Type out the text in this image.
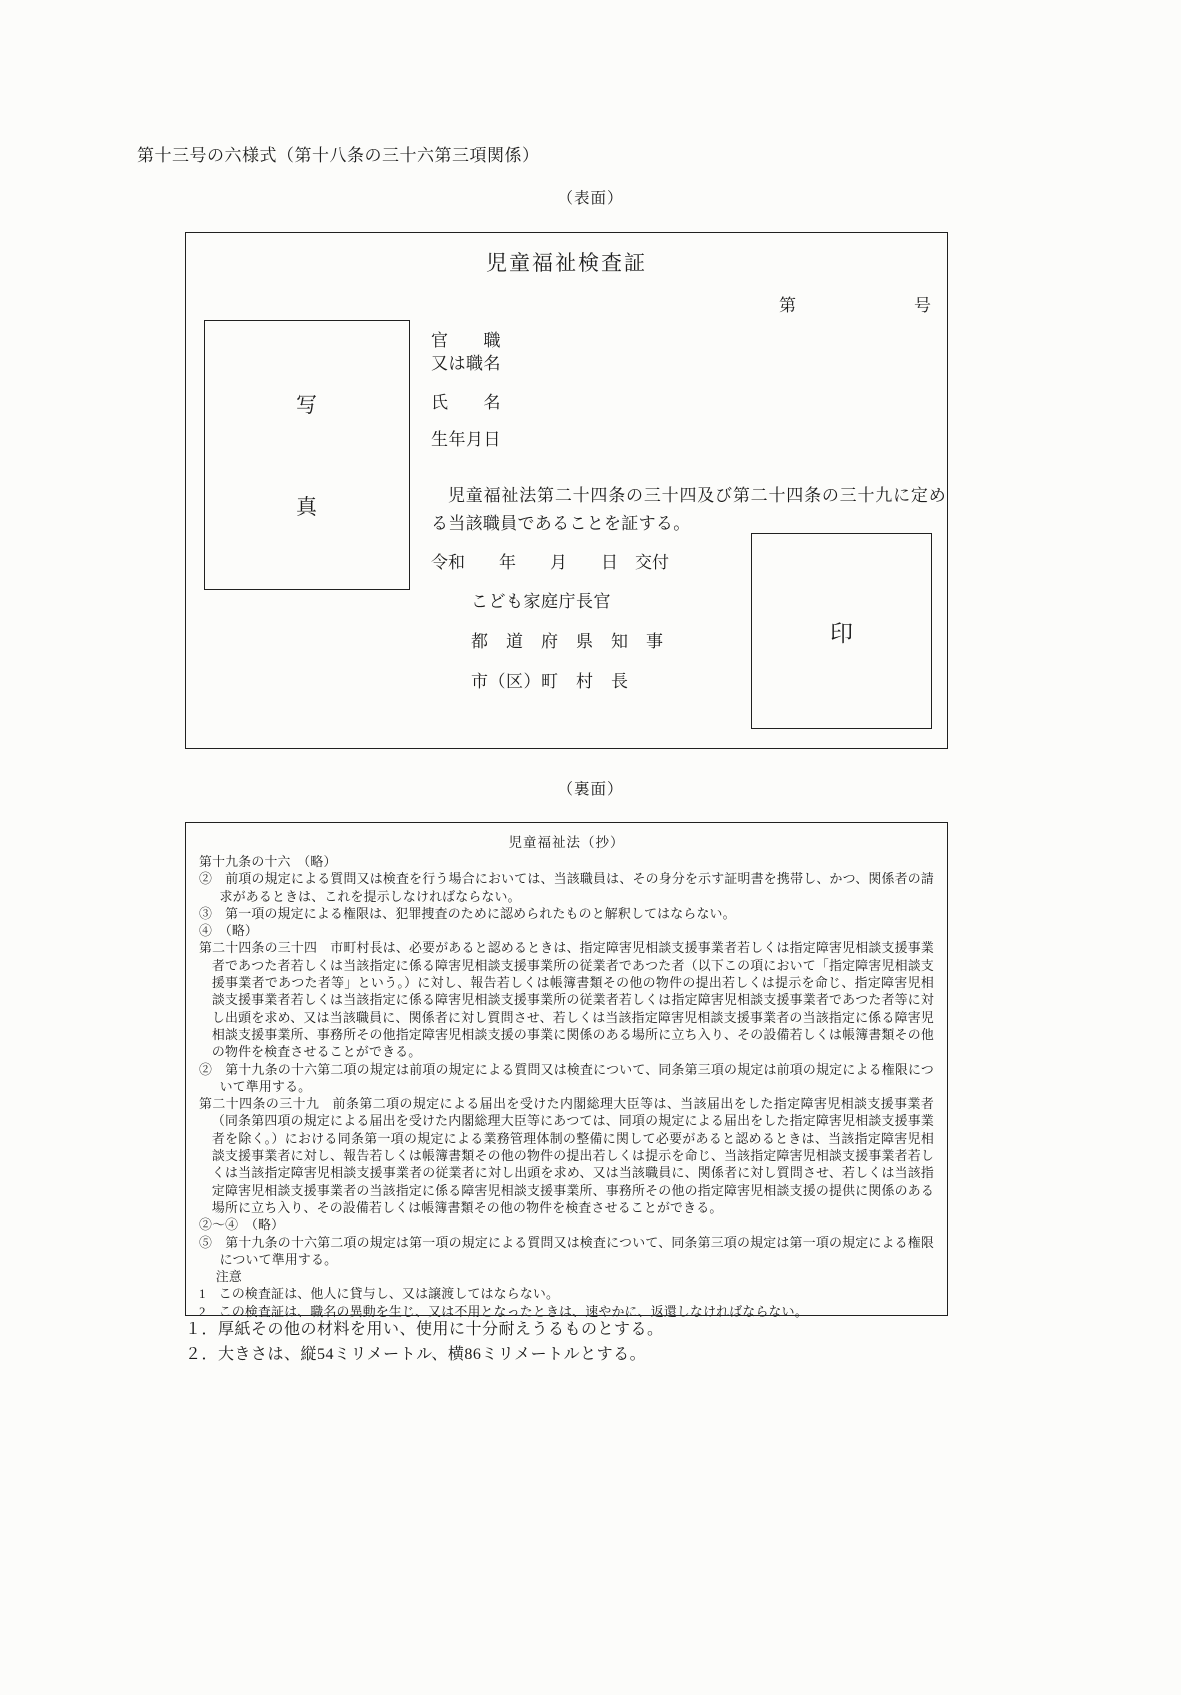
第十三号の六様式（第十八条の三十六第三項関係）
（表面）
児童福祉検査証
第	号
写
真
官　　職
又は職名
氏　　名
生年月日
児童福祉法第二十四条の三十四及び第二十四条の三十九に定める当該職員であることを証する。
令和　　年　　月　　日　交付
こども家庭庁長官
都　道　府　県　知　事
市（区）町　村　長
印
（裏面）
児童福祉法（抄）
第十九条の十六　（略）
②　前項の規定による質問又は検査を行う場合においては、当該職員は、その身分を示す証明書を携帯し、かつ、関係者の請求があるときは、これを提示しなければならない。
③　第一項の規定による権限は、犯罪捜査のために認められたものと解釈してはならない。
④　（略）
第二十四条の三十四　市町村長は、必要があると認めるときは、指定障害児相談支援事業者若しくは指定障害児相談支援事業者であつた者若しくは当該指定に係る障害児相談支援事業所の従業者であつた者（以下この項において「指定障害児相談支援事業者であつた者等」という。）に対し、報告若しくは帳簿書類その他の物件の提出若しくは提示を命じ、指定障害児相談支援事業者若しくは当該指定に係る障害児相談支援事業所の従業者若しくは指定障害児相談支援事業者であつた者等に対し出頭を求め、又は当該職員に、関係者に対し質問させ、若しくは当該指定障害児相談支援事業者の当該指定に係る障害児相談支援事業所、事務所その他指定障害児相談支援の事業に関係のある場所に立ち入り、その設備若しくは帳簿書類その他の物件を検査させることができる。
②　第十九条の十六第二項の規定は前項の規定による質問又は検査について、同条第三項の規定は前項の規定による権限について準用する。
第二十四条の三十九　前条第二項の規定による届出を受けた内閣総理大臣等は、当該届出をした指定障害児相談支援事業者（同条第四項の規定による届出を受けた内閣総理大臣等にあつては、同項の規定による届出をした指定障害児相談支援事業者を除く。）における同条第一項の規定による業務管理体制の整備に関して必要があると認めるときは、当該指定障害児相談支援事業者に対し、報告若しくは帳簿書類その他の物件の提出若しくは提示を命じ、当該指定障害児相談支援事業者若しくは当該指定障害児相談支援事業者の従業者に対し出頭を求め、又は当該職員に、関係者に対し質問させ、若しくは当該指定障害児相談支援事業者の当該指定に係る障害児相談支援事業所、事務所その他の指定障害児相談支援の提供に関係のある場所に立ち入り、その設備若しくは帳簿書類その他の物件を検査させることができる。
②～④　（略）
⑤　第十九条の十六第二項の規定は第一項の規定による質問又は検査について、同条第三項の規定は第一項の規定による権限について準用する。
注意
1　この検査証は、他人に貸与し、又は譲渡してはならない。
2　この検査証は、職名の異動を生じ、又は不用となったときは、速やかに、返還しなければならない。
１．厚紙その他の材料を用い、使用に十分耐えうるものとする。
２．大きさは、縦54ミリメートル、横86ミリメートルとする。
